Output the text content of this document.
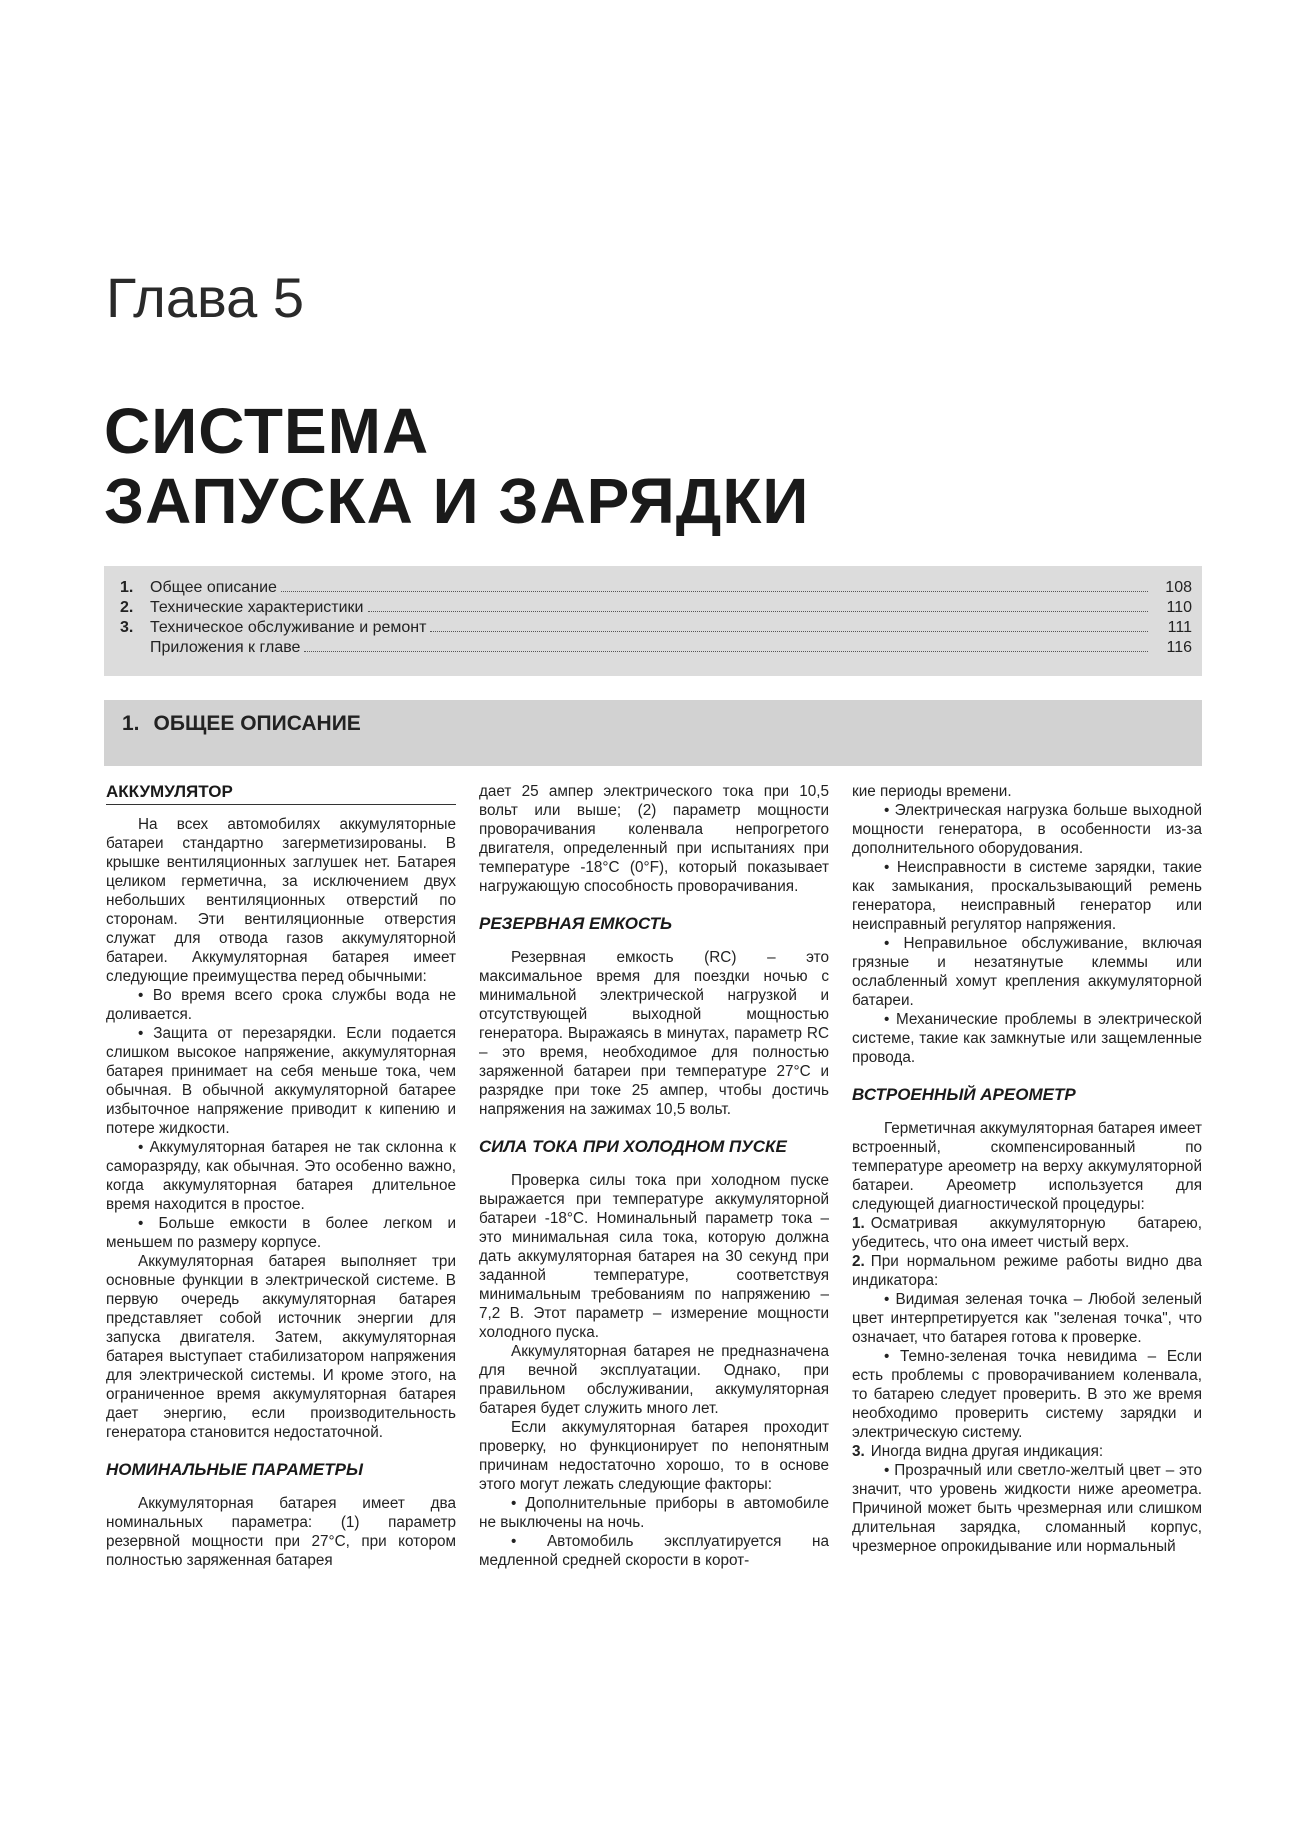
Глава 5
СИСТЕМА
ЗАПУСКА И ЗАРЯДКИ
1.	Общее описание	108
2.	Технические характеристики	110
3.	Техническое обслуживание и ремонт	111
Приложения к главе	116
1. ОБЩЕЕ ОПИСАНИЕ
АККУМУЛЯТОР

На всех автомобилях аккумуляторные батареи стандартно загерметизированы. В крышке вентиляционных заглушек нет. Батарея целиком герметична, за исключением двух небольших вентиляционных отверстий по сторонам. Эти вентиляционные отверстия служат для отвода газов аккумуляторной батареи. Аккумуляторная батарея имеет следующие преимущества перед обычными:

• Во время всего срока службы вода не доливается.

• Защита от перезарядки. Если подается слишком высокое напряжение, аккумуляторная батарея принимает на себя меньше тока, чем обычная. В обычной аккумуляторной батарее избыточное напряжение приводит к кипению и потере жидкости.

• Аккумуляторная батарея не так склонна к саморазряду, как обычная. Это особенно важно, когда аккумуляторная батарея длительное время находится в простое.

• Больше емкости в более легком и меньшем по размеру корпусе.

Аккумуляторная батарея выполняет три основные функции в электрической системе. В первую очередь аккумуляторная батарея представляет собой источник энергии для запуска двигателя. Затем, аккумуляторная батарея выступает стабилизатором напряжения для электрической системы. И кроме этого, на ограниченное время аккумуляторная батарея дает энергию, если производительность генератора становится недостаточной.

НОМИНАЛЬНЫЕ ПАРАМЕТРЫ

Аккумуляторная батарея имеет два номинальных параметра: (1) параметр резервной мощности при 27°С, при котором полностью заряженная батарея

дает 25 ампер электрического тока при 10,5 вольт или выше; (2) параметр мощности проворачивания коленвала непрогретого двигателя, определенный при испытаниях при температуре -18°С (0°F), который показывает нагружающую способность проворачивания.

РЕЗЕРВНАЯ ЕМКОСТЬ

Резервная емкость (RC) – это максимальное время для поездки ночью с минимальной электрической нагрузкой и отсутствующей выходной мощностью генератора. Выражаясь в минутах, параметр RC – это время, необходимое для полностью заряженной батареи при температуре 27°С и разрядке при токе 25 ампер, чтобы достичь напряжения на зажимах 10,5 вольт.

СИЛА ТОКА ПРИ ХОЛОДНОМ ПУСКЕ

Проверка силы тока при холодном пуске выражается при температуре аккумуляторной батареи -18°С. Номинальный параметр тока – это минимальная сила тока, которую должна дать аккумуляторная батарея на 30 секунд при заданной температуре, соответствуя минимальным требованиям по напряжению – 7,2 В. Этот параметр – измерение мощности холодного пуска.

Аккумуляторная батарея не предназначена для вечной эксплуатации. Однако, при правильном обслуживании, аккумуляторная батарея будет служить много лет.

Если аккумуляторная батарея проходит проверку, но функционирует по непонятным причинам недостаточно хорошо, то в основе этого могут лежать следующие факторы:

• Дополнительные приборы в автомобиле не выключены на ночь.

• Автомобиль эксплуатируется на медленной средней скорости в корот-

кие периоды времени.

• Электрическая нагрузка больше выходной мощности генератора, в особенности из-за дополнительного оборудования.

• Неисправности в системе зарядки, такие как замыкания, проскальзывающий ремень генератора, неисправный генератор или неисправный регулятор напряжения.

• Неправильное обслуживание, включая грязные и незатянутые клеммы или ослабленный хомут крепления аккумуляторной батареи.

• Механические проблемы в электрической системе, такие как замкнутые или защемленные провода.

ВСТРОЕННЫЙ АРЕОМЕТР

Герметичная аккумуляторная батарея имеет встроенный, скомпенсированный по температуре ареометр на верху аккумуляторной батареи. Ареометр используется для следующей диагностической процедуры:

1. Осматривая аккумуляторную батарею, убедитесь, что она имеет чистый верх.

2. При нормальном режиме работы видно два индикатора:

• Видимая зеленая точка – Любой зеленый цвет интерпретируется как "зеленая точка", что означает, что батарея готова к проверке.

• Темно-зеленая точка невидима – Если есть проблемы с проворачиванием коленвала, то батарею следует проверить. В это же время необходимо проверить систему зарядки и электрическую систему.

3. Иногда видна другая индикация:

• Прозрачный или светло-желтый цвет – это значит, что уровень жидкости ниже ареометра. Причиной может быть чрезмерная или слишком длительная зарядка, сломанный корпус, чрезмерное опрокидывание или нормальный
